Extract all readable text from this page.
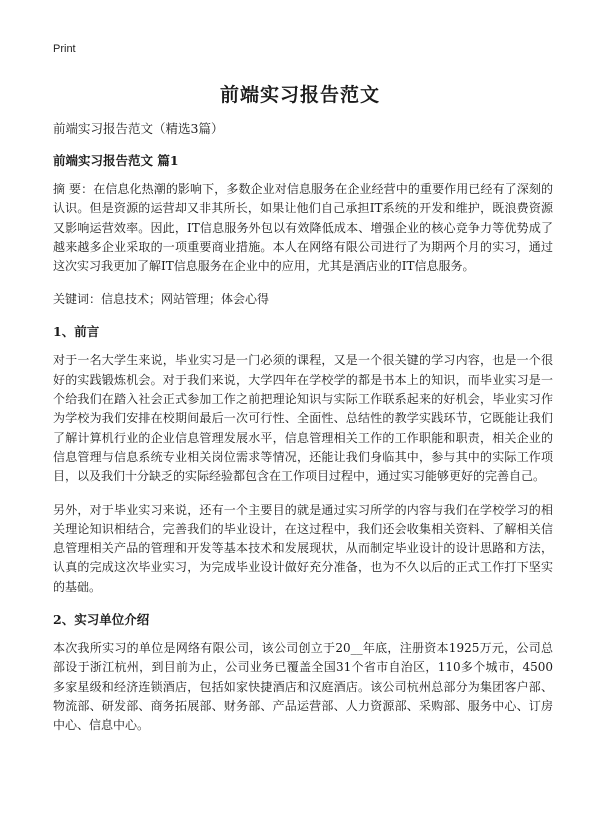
Print
前端实习报告范文

前端实习报告范文（精选3篇）

前端实习报告范文 篇1

摘 要：在信息化热潮的影响下，多数企业对信息服务在企业经营中的重要作用已经有了深刻的认识。但是资源的运营却又非其所长，如果让他们自己承担IT系统的开发和维护，既浪费资源又影响运营效率。因此，IT信息服务外包以有效降低成本、增强企业的核心竞争力等优势成了越来越多企业采取的一项重要商业措施。本人在网络有限公司进行了为期两个月的实习，通过这次实习我更加了解IT信息服务在企业中的应用，尤其是酒店业的IT信息服务。

关键词：信息技术；网站管理；体会心得

1、前言

对于一名大学生来说，毕业实习是一门必须的课程，又是一个很关键的学习内容，也是一个很好的实践锻炼机会。对于我们来说，大学四年在学校学的都是书本上的知识，而毕业实习是一个给我们在踏入社会正式参加工作之前把理论知识与实际工作联系起来的好机会，毕业实习作为学校为我们安排在校期间最后一次可行性、全面性、总结性的教学实践环节，它既能让我们了解计算机行业的企业信息管理发展水平，信息管理相关工作的工作职能和职责，相关企业的信息管理与信息系统专业相关岗位需求等情况，还能让我们身临其中，参与其中的实际工作项目，以及我们十分缺乏的实际经验都包含在工作项目过程中，通过实习能够更好的完善自己。

另外，对于毕业实习来说，还有一个主要目的就是通过实习所学的内容与我们在学校学习的相关理论知识相结合，完善我们的毕业设计，在这过程中，我们还会收集相关资料、了解相关信息管理相关产品的管理和开发等基本技术和发展现状，从而制定毕业设计的设计思路和方法，认真的完成这次毕业实习，为完成毕业设计做好充分准备，也为不久以后的正式工作打下坚实的基础。

2、实习单位介绍

本次我所实习的单位是网络有限公司，该公司创立于20__年底，注册资本1925万元，公司总部设于浙江杭州，到目前为止，公司业务已覆盖全国31个省市自治区，110多个城市，4500多家星级和经济连锁酒店，包括如家快捷酒店和汉庭酒店。该公司杭州总部分为集团客户部、物流部、研发部、商务拓展部、财务部、产品运营部、人力资源部、采购部、服务中心、订房中心、信息中心。
